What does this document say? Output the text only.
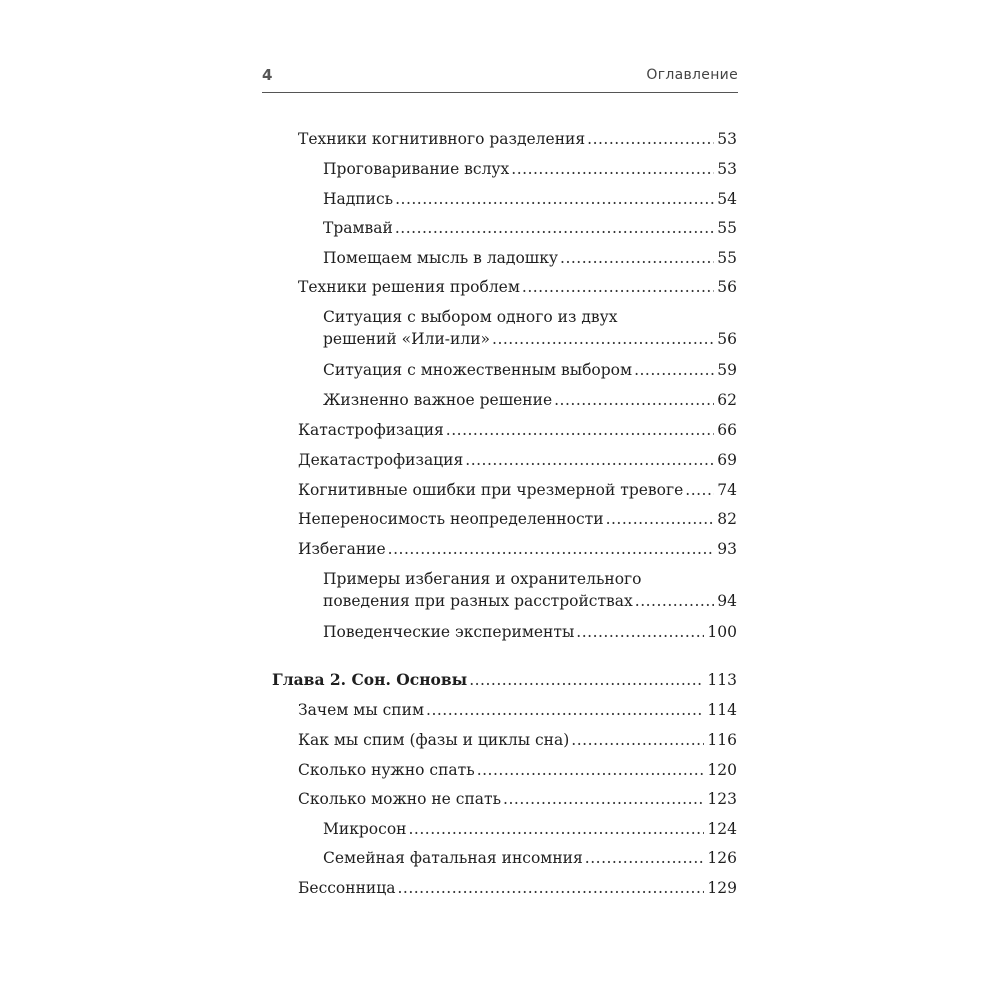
4	Оглавление
Техники когнитивного разделения .....	53
Проговаривание вслух .....	53
Надпись .....	54
Трамвай .....	55
Помещаем мысль в ладошку .....	55
Техники решения проблем .....	56
Ситуация с выбором одного из двух
решений «Или-или» .....	56
Ситуация с множественным выбором .....	59
Жизненно важное решение .....	62
Катастрофизация .....	66
Декатастрофизация .....	69
Когнитивные ошибки при чрезмерной тревоге ..... 74
Непереносимость неопределенности .....	82
Избегание .....	93
Примеры избегания и охранительного
поведения при разных расстройствах .....	94
Поведенческие эксперименты .....	100
Глава 2. Сон. Основы .....	113
Зачем мы спим .....	114
Как мы спим (фазы и циклы сна) .....	116
Сколько нужно спать .....	120
Сколько можно не спать .....	123
Микросон .....	124
Семейная фатальная инсомния .....	126
Бессонница .....	129
